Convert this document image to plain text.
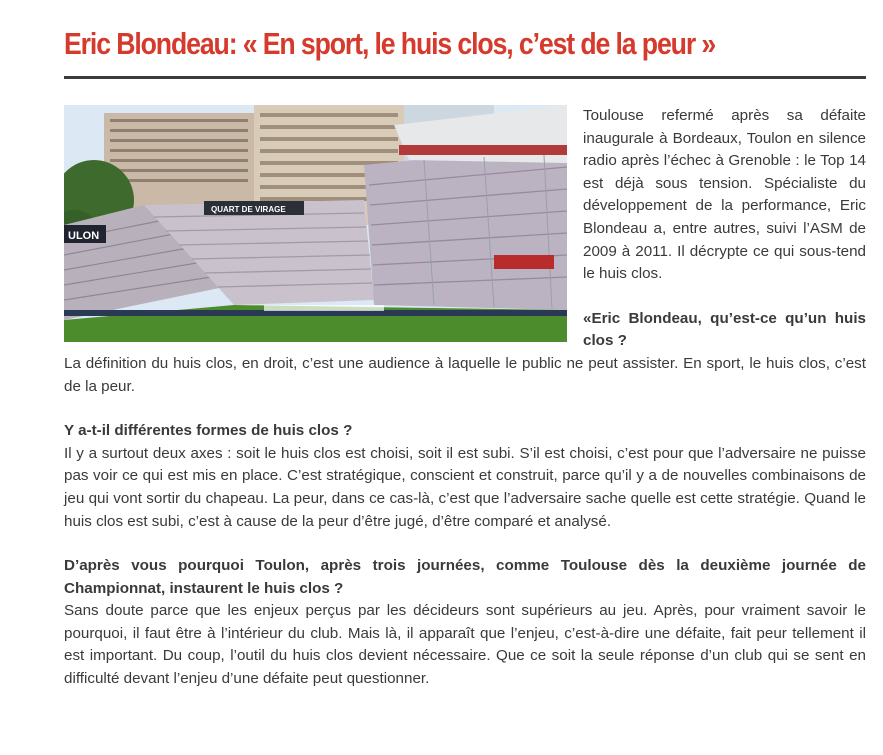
Eric Blondeau: « En sport, le huis clos, c’est de la peur »
ULON
QUART DE VIRAGE

Toulouse refermé après sa défaite inaugurale à Bordeaux, Toulon en silence radio après l’échec à Grenoble : le Top 14 est déjà sous tension. Spécialiste du développement de la performance, Eric Blondeau a, entre autres, suivi l’ASM de 2009 à 2011. Il décrypte ce qui sous-tend le huis clos.

«Eric Blondeau, qu’est-ce qu’un huis clos ?

La définition du huis clos, en droit, c’est une audience à laquelle le public ne peut assister. En sport, le huis clos, c’est de la peur.

Y a-t-il différentes formes de huis clos ?

Il y a surtout deux axes : soit le huis clos est choisi, soit il est subi. S’il est choisi, c’est pour que l’adversaire ne puisse pas voir ce qui est mis en place. C’est stratégique, conscient et construit, parce qu’il y a de nouvelles combinaisons de jeu qui vont sortir du chapeau. La peur, dans ce cas-là, c’est que l’adversaire sache quelle est cette stratégie. Quand le huis clos est subi, c’est à cause de la peur d’être jugé, d’être comparé et analysé.

D’après vous pourquoi Toulon, après trois journées, comme Toulouse dès la deuxième journée de Championnat, instaurent le huis clos ?

Sans doute parce que les enjeux perçus par les décideurs sont supérieurs au jeu. Après, pour vraiment savoir le pourquoi, il faut être à l’intérieur du club. Mais là, il apparaît que l’enjeu, c’est-à-dire une défaite, fait peur tellement il est important. Du coup, l’outil du huis clos devient nécessaire. Que ce soit la seule réponse d’un club qui se sent en difficulté devant l’enjeu d’une défaite peut questionner.
